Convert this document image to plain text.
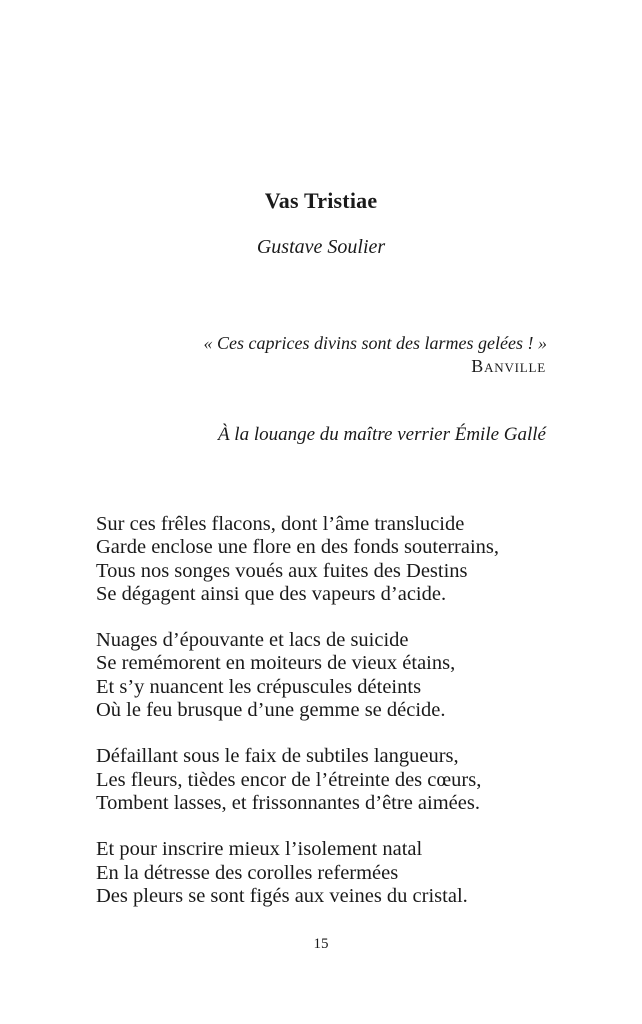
Vas Tristiae
Gustave Soulier
« Ces caprices divins sont des larmes gelées ! »
Banville
À la louange du maître verrier Émile Gallé
Sur ces frêles flacons, dont l’âme translucide
Garde enclose une flore en des fonds souterrains,
Tous nos songes voués aux fuites des Destins
Se dégagent ainsi que des vapeurs d’acide.
Nuages d’épouvante et lacs de suicide
Se remémorent en moiteurs de vieux étains,
Et s’y nuancent les crépuscules déteints
Où le feu brusque d’une gemme se décide.
Défaillant sous le faix de subtiles langueurs,
Les fleurs, tièdes encor de l’étreinte des cœurs,
Tombent lasses, et frissonnantes d’être aimées.
Et pour inscrire mieux l’isolement natal
En la détresse des corolles refermées
Des pleurs se sont figés aux veines du cristal.
15
